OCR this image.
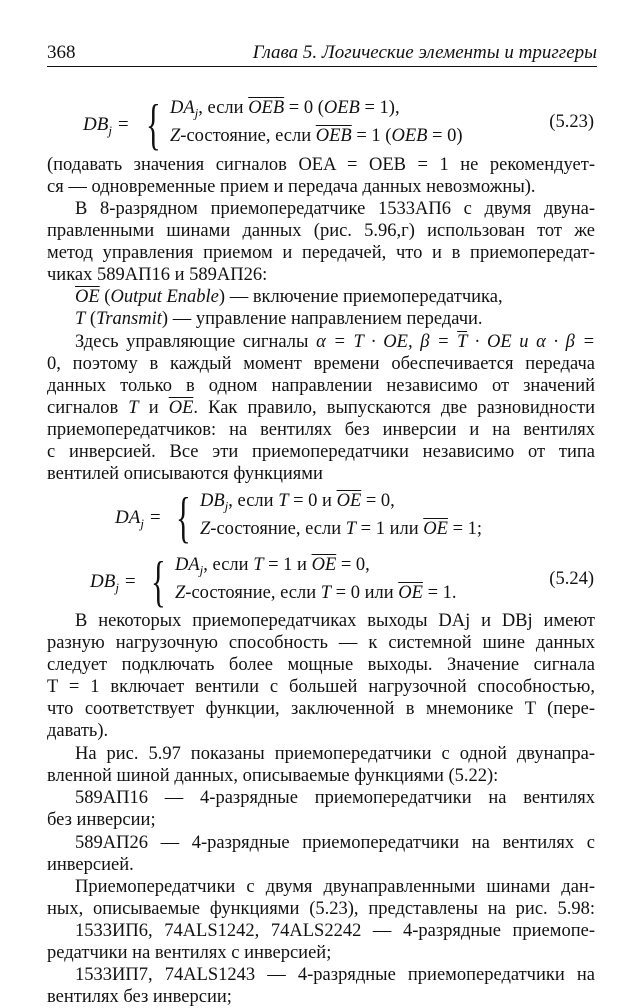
368	Глава 5. Логические элементы и триггеры
$DB_j$ = { $DA_j$, если $\overline{OEB} = 0$ (OEB = 1),
Z-состояние, если $\overline{OEB} = 1$ (OEB = 0)
(5.23)
(подавать значения сигналов OEA = OEB = 1 не рекомендует-
ся — одновременные прием и передача данных невозможны).
В 8-разрядном приемопередатчике 1533АП6 с двумя двуна-
правленными шинами данных (рис. 5.96,г) использован тот же
метод управления приемом и передачей, что и в приемопередат-
чиках 589АП16 и 589АП26:
$\overline{OE}$ (Output Enable) — включение приемопередатчика,
T (Transmit) — управление направлением передачи.
Здесь управляющие сигналы α = T · OE, $\beta = \overline{T}$ · OE и α · β =
0, поэтому в каждый момент времени обеспечивается передача
данных только в одном направлении независимо от значений
сигналов T и $\overline{OE}$. Как правило, выпускаются две разновидности
приемопередатчиков: на вентилях без инверсии и на вентилях
с инверсией. Все эти приемопередатчики независимо от типа
вентилей описываются функциями
$DA_j$ = { $DB_j$, если T = 0 и $\overline{OE} = 0$,
Z-состояние, если T = 1 или $\overline{OE} = 1$;
$DB_j$ = { $DA_j$, если T = 1 и $\overline{OE} = 0$,
Z-состояние, если T = 0 или $\overline{OE} = 1$.
(5.24)
В некоторых приемопередатчиках выходы DAj и DBj имеют
разную нагрузочную способность — к системной шине данных
следует подключать более мощные выходы. Значение сигнала
T = 1 включает вентили с большей нагрузочной способностью,
что соответствует функции, заключенной в мнемонике T (пере-
давать).
На рис. 5.97 показаны приемопередатчики с одной двунапра-
вленной шиной данных, описываемые функциями (5.22):
589АП16 — 4-разрядные приемопередатчики на вентилях
без инверсии;
589АП26 — 4-разрядные приемопередатчики на вентилях с
инверсией.
Приемопередатчики с двумя двунаправленными шинами дан-
ных, описываемые функциями (5.23), представлены на рис. 5.98:
1533ИП6, 74ALS1242, 74ALS2242 — 4-разрядные приемопе-
редатчики на вентилях с инверсией;
1533ИП7, 74ALS1243 — 4-разрядные приемопередатчики на
вентилях без инверсии;
